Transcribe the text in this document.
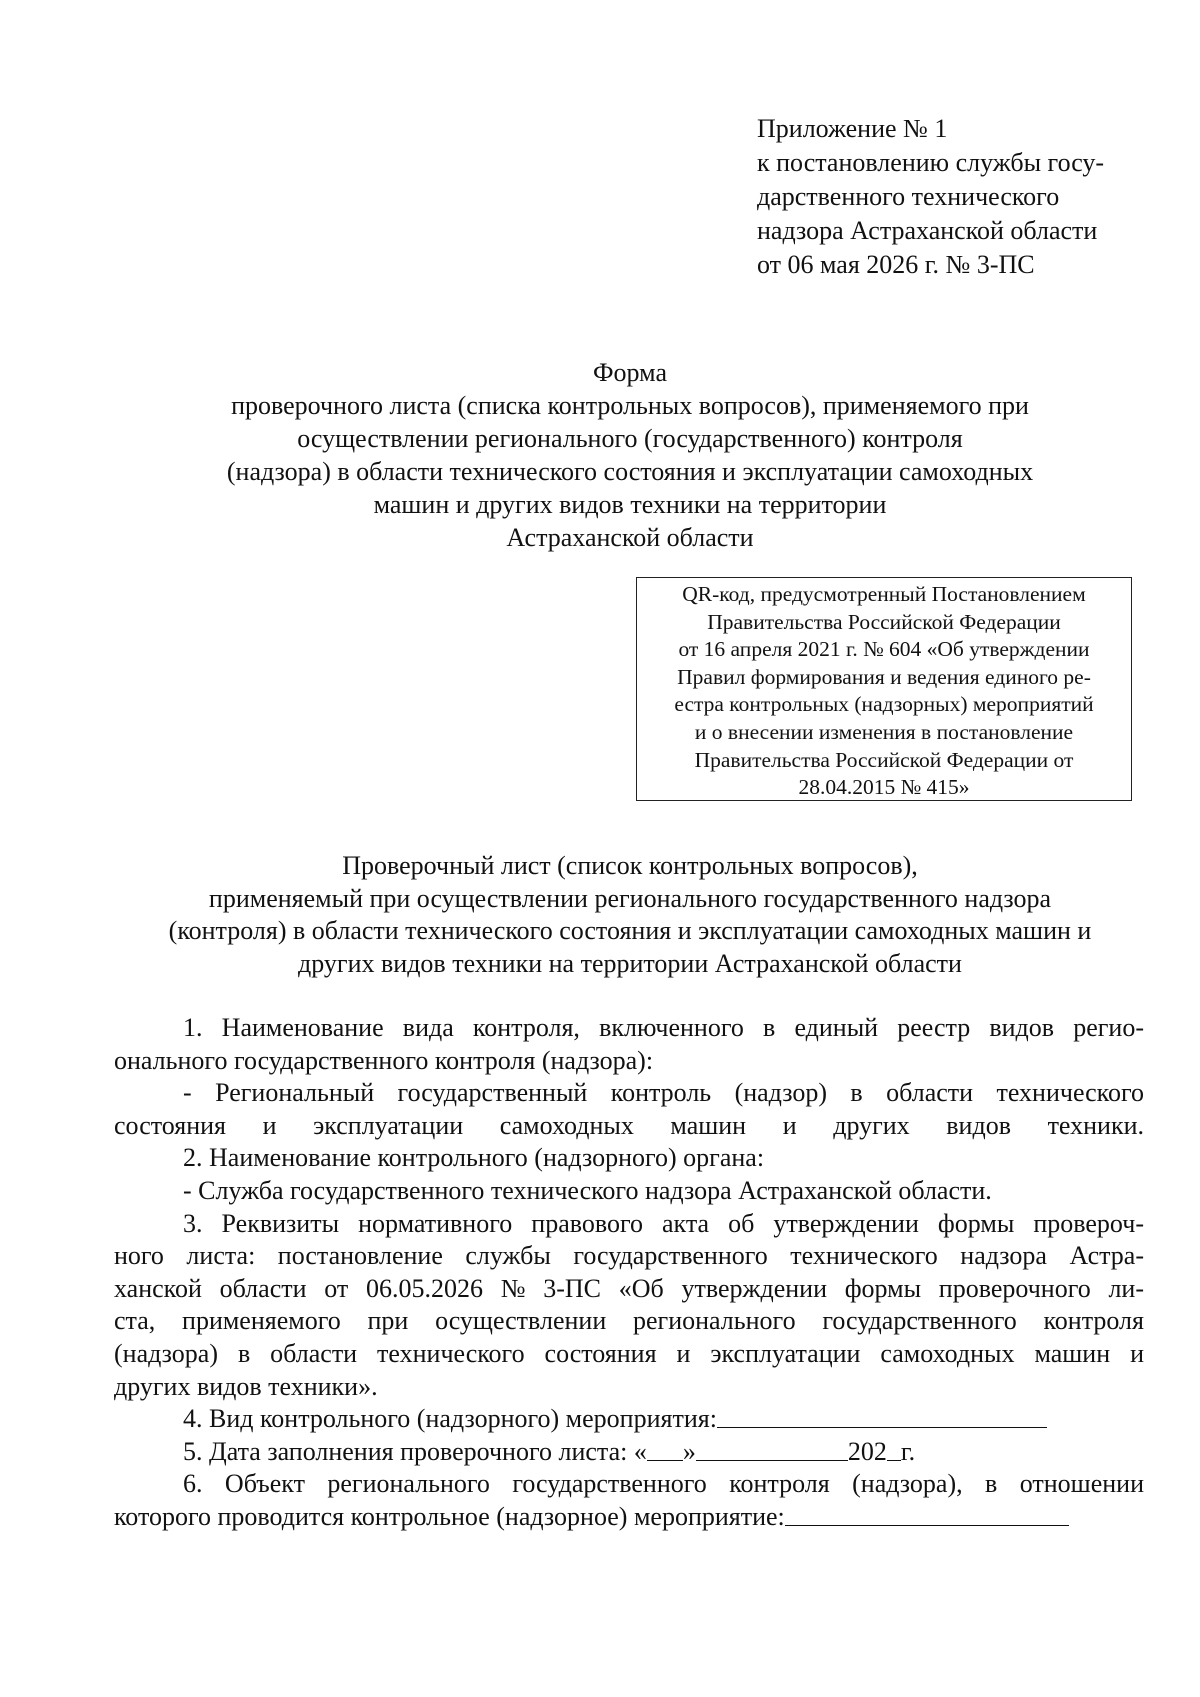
Приложение № 1
к постановлению службы госу-
дарственного технического
надзора Астраханской области
от 06 мая 2026 г. № 3-ПС
Форма
проверочного листа (списка контрольных вопросов), применяемого при
осуществлении регионального (государственного) контроля
(надзора) в области технического состояния и эксплуатации самоходных
машин и других видов техники на территории
Астраханской области
QR-код, предусмотренный Постановлением
Правительства Российской Федерации
от 16 апреля 2021 г. № 604 «Об утверждении
Правил формирования и ведения единого ре-
естра контрольных (надзорных) мероприятий
и о внесении изменения в постановление
Правительства Российской Федерации от
28.04.2015 № 415»
Проверочный лист (список контрольных вопросов),
применяемый при осуществлении регионального государственного надзора
(контроля) в области технического состояния и эксплуатации самоходных машин и
других видов техники на территории Астраханской области
1. Наименование вида контроля, включенного в единый реестр видов регио-
онального государственного контроля (надзора):
- Региональный государственный контроль (надзор) в области технического
состояния и эксплуатации самоходных машин и других видов техники.
2. Наименование контрольного (надзорного) органа:
- Служба государственного технического надзора Астраханской области.
3. Реквизиты нормативного правового акта об утверждении формы провероч-
ного листа: постановление службы государственного технического надзора Астра-
ханской области от 06.05.2026 № 3-ПС «Об утверждении формы проверочного ли-
ста, применяемого при осуществлении регионального государственного контроля
(надзора) в области технического состояния и эксплуатации самоходных машин и
других видов техники».
4. Вид контрольного (надзорного) мероприятия:
5. Дата заполнения проверочного листа: « »	202 г.
6. Объект регионального государственного контроля (надзора), в отношении
которого проводится контрольное (надзорное) мероприятие:
